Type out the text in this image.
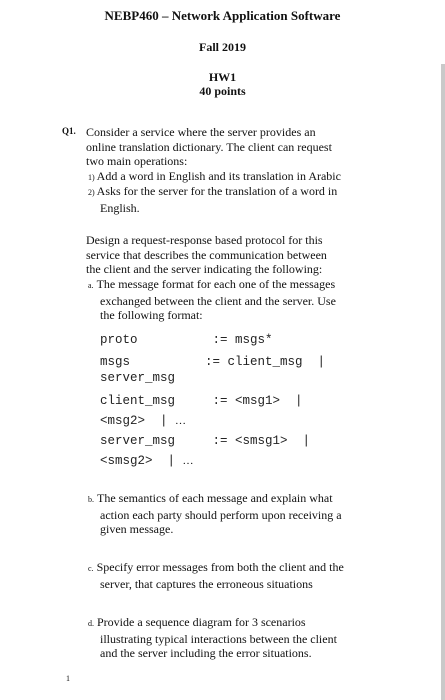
NEBP460 – Network Application Software
Fall 2019
HW1
40 points
Q1. Consider a service where the server provides an
online translation dictionary. The client can request
two main operations:
1) Add a word in English and its translation in Arabic
2) Asks for the server for the translation of a word in
English.
Design a request-response based protocol for this
service that describes the communication between
the client and the server indicating the following:
a. The message format for each one of the messages
exchanged between the client and the server. Use
the following format:
proto          := msgs*
msgs          := client_msg  |
server_msg
client_msg     := <msg1>  |
<msg2>  | …
server_msg     := <smsg1>  |
<smsg2>  | …
b. The semantics of each message and explain what
action each party should perform upon receiving a
given message.
c. Specify error messages from both the client and the
server, that captures the erroneous situations
d. Provide a sequence diagram for 3 scenarios
illustrating typical interactions between the client
and the server including the error situations.
1
